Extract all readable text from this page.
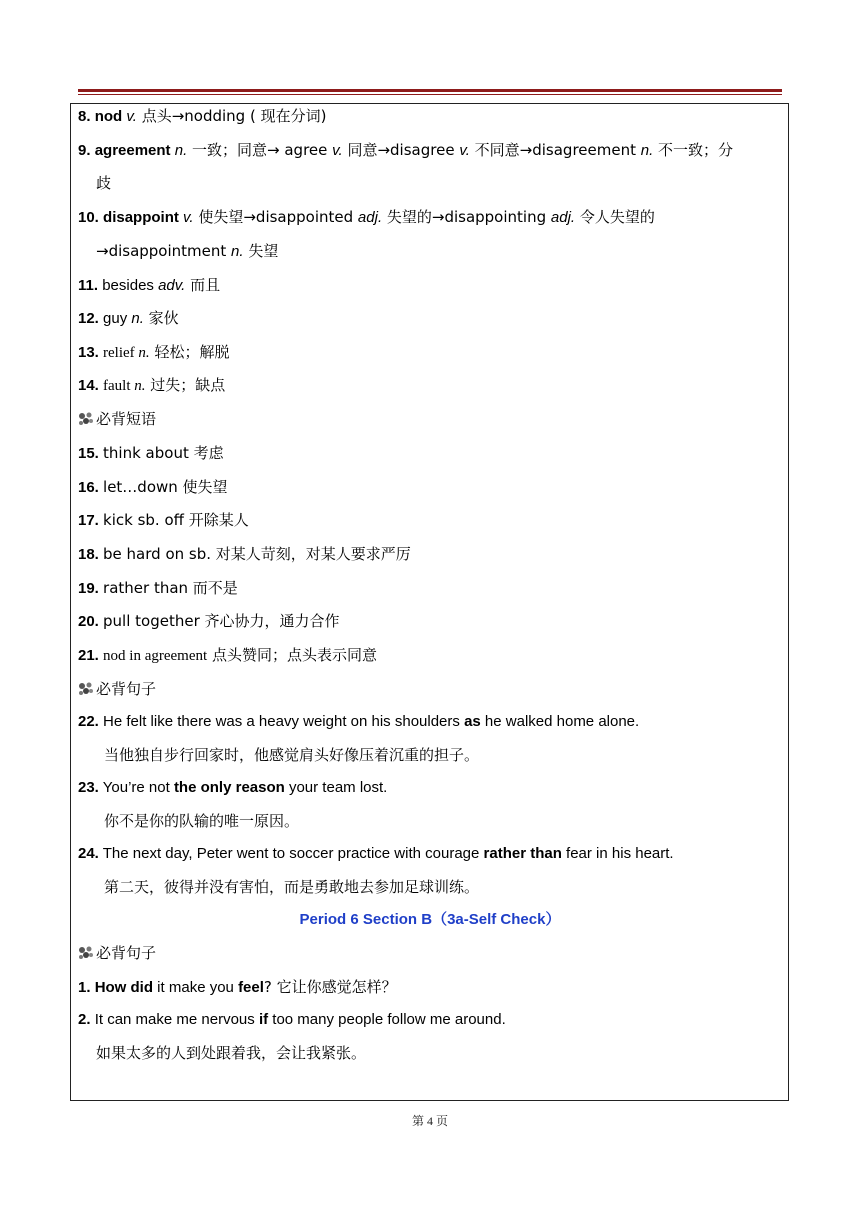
8. nod v. 点头→nodding ( 现在分词)
9. agreement n. 一致；同意→ agree v. 同意→disagree v. 不同意→disagreement n. 不一致；分
歧
10. disappoint v. 使失望→disappointed adj. 失望的→disappointing adj. 令人失望的
→disappointment n. 失望
11. besides adv. 而且
12. guy n. 家伙
13. relief n. 轻松；解脱
14. fault n. 过失；缺点
必背短语
15. think about 考虑
16. let…down 使失望
17. kick sb. off 开除某人
18. be hard on sb. 对某人苛刻，对某人要求严厉
19. rather than 而不是
20. pull together 齐心协力，通力合作
21. nod in agreement 点头赞同；点头表示同意
必背句子
22. He felt like there was a heavy weight on his shoulders as he walked home alone.
当他独自步行回家时，他感觉肩头好像压着沉重的担子。
23. You’re not the only reason your team lost.
你不是你的队输的唯一原因。
24. The next day, Peter went to soccer practice with courage rather than fear in his heart.
第二天，彼得并没有害怕，而是勇敢地去参加足球训练。
Period 6 Section B（3a-Self Check）
必背句子
1. How did it make you feel? 它让你感觉怎样？
2. It can make me nervous if too many people follow me around.
如果太多的人到处跟着我，会让我紧张。
第 4 页
